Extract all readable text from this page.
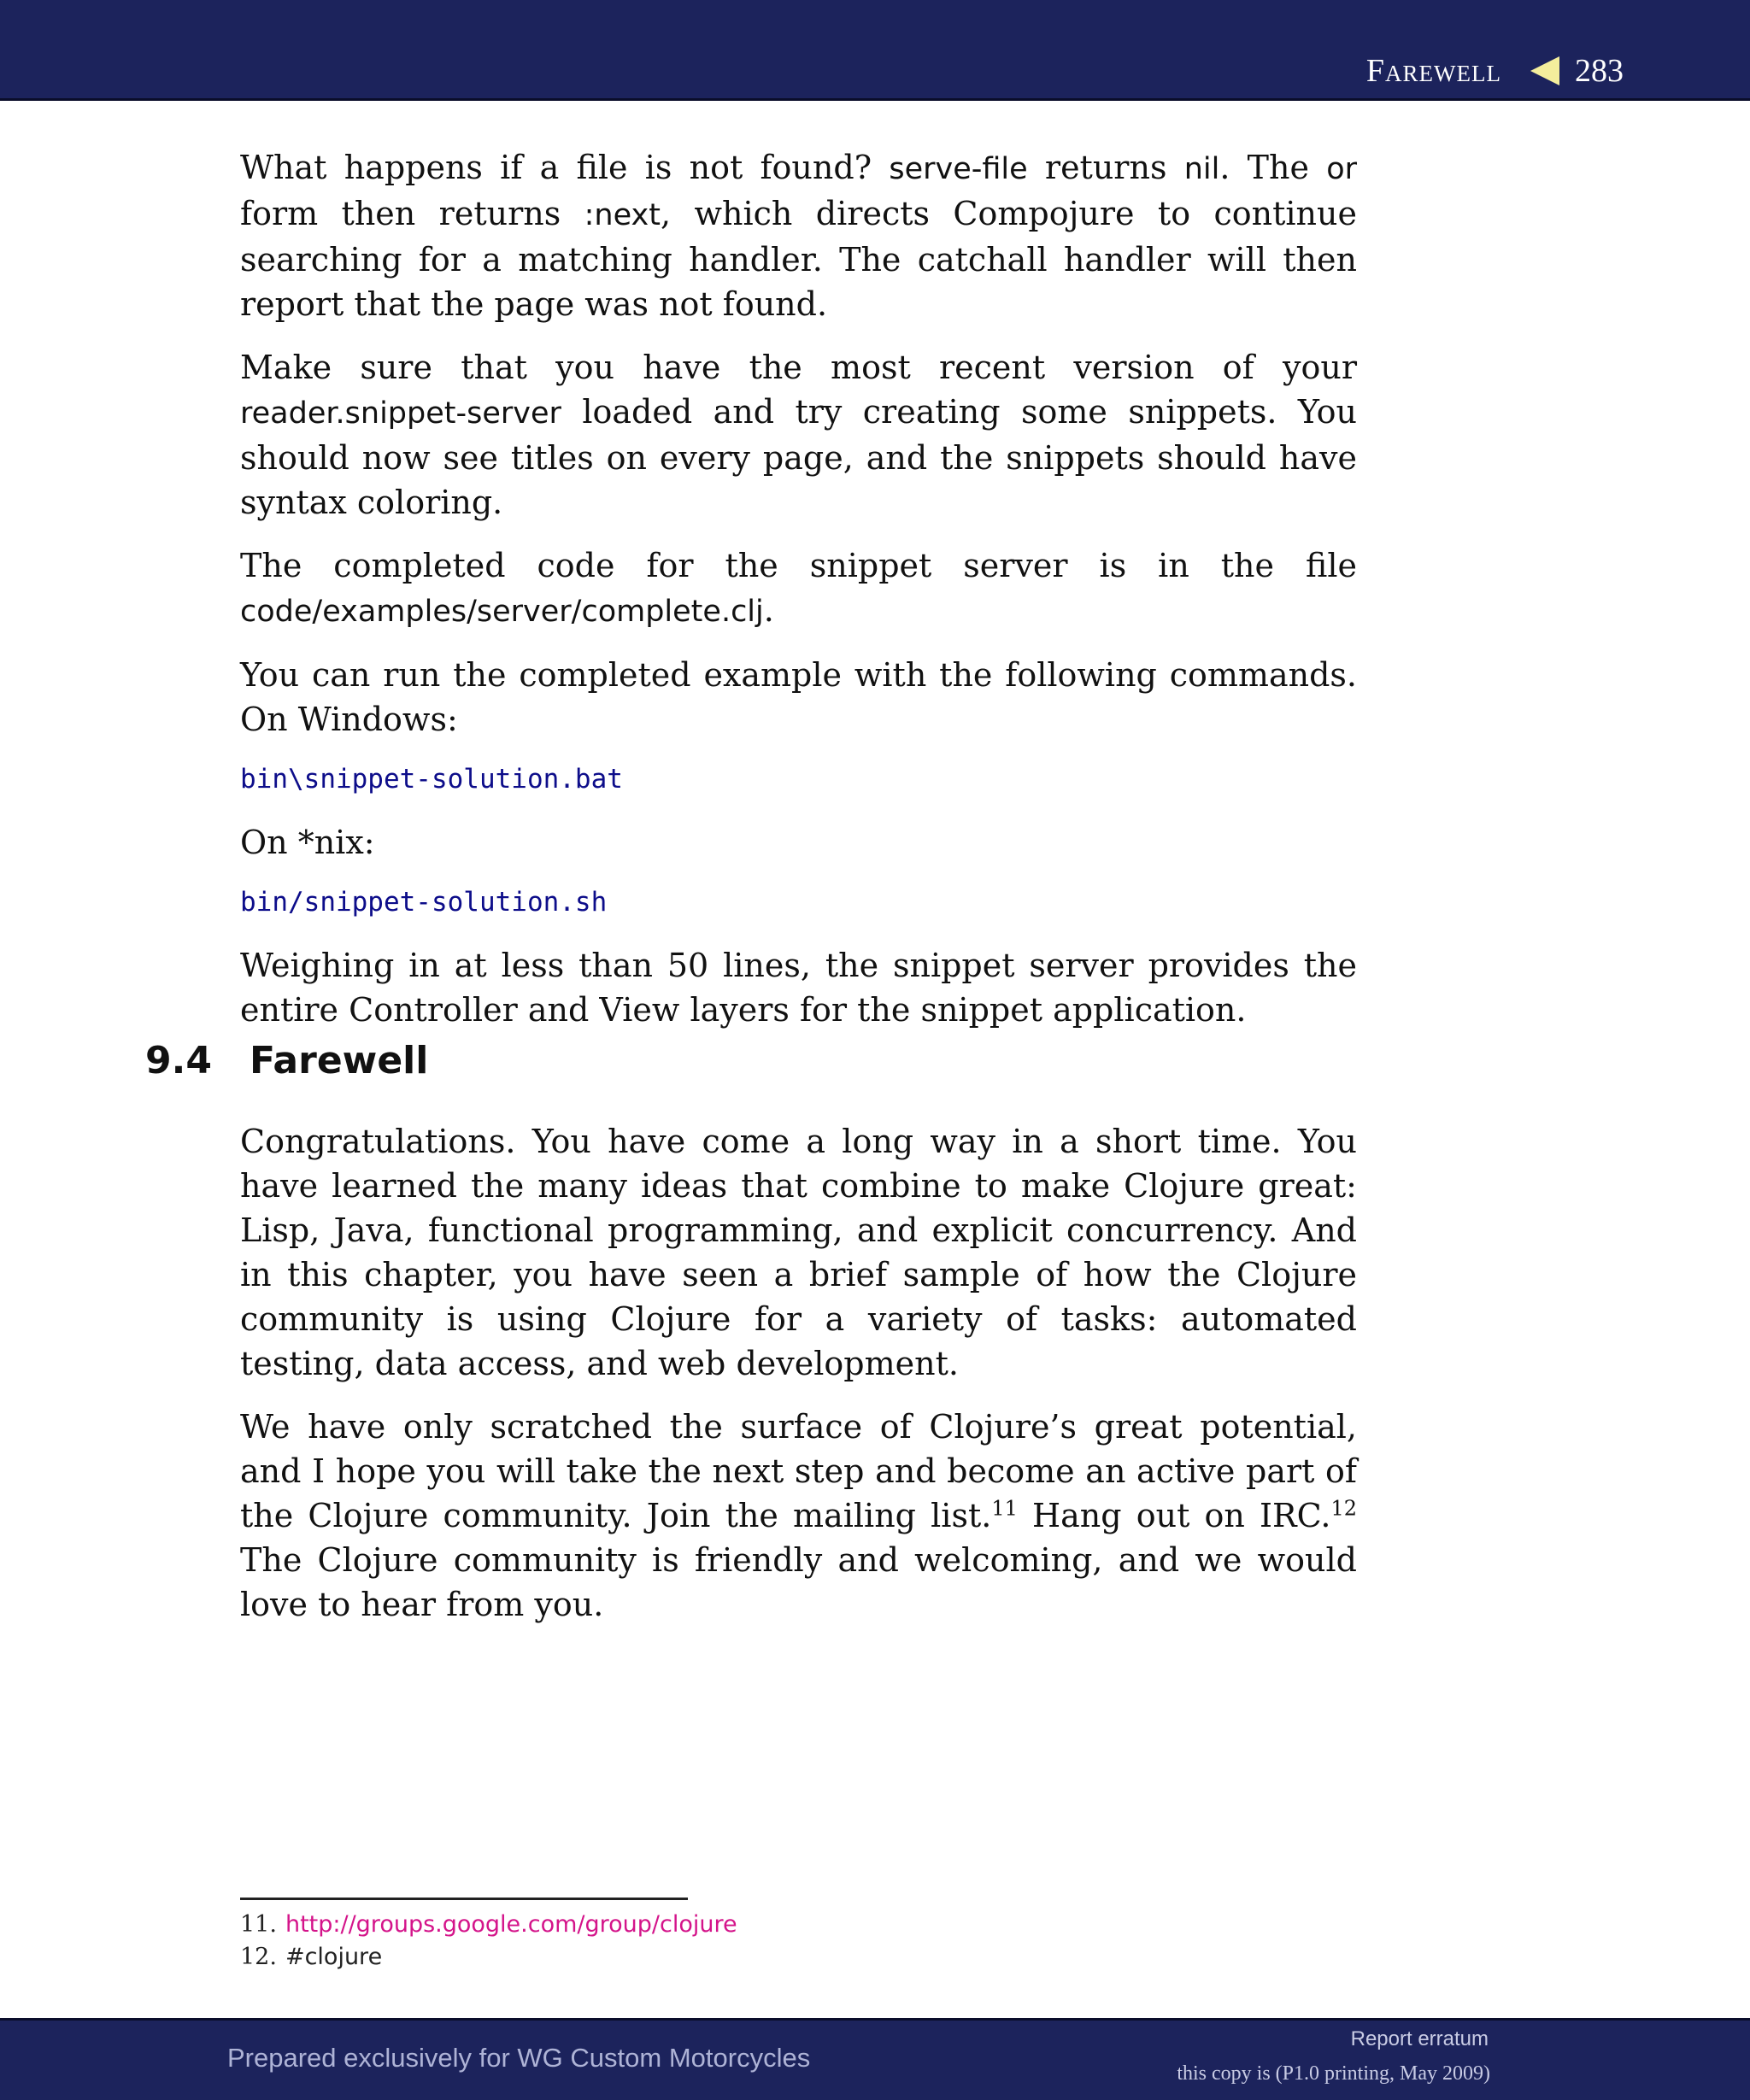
Farewell 283

What happens if a file is not found? serve-file returns nil. The or form then returns :next, which directs Compojure to continue searching for a matching handler. The catchall handler will then report that the page was not found.

Make sure that you have the most recent version of your reader.snippet-server loaded and try creating some snippets. You should now see titles on every page, and the snippets should have syntax coloring.

The completed code for the snippet server is in the file code/examples/server/complete.clj.

You can run the completed example with the following commands. On Windows:

bin\snippet-solution.bat

On *nix:

bin/snippet-solution.sh

Weighing in at less than 50 lines, the snippet server provides the entire Controller and View layers for the snippet application.

9.4 Farewell

Congratulations. You have come a long way in a short time. You have learned the many ideas that combine to make Clojure great: Lisp, Java, functional programming, and explicit concurrency. And in this chapter, you have seen a brief sample of how the Clojure community is using Clojure for a variety of tasks: automated testing, data access, and web development.

We have only scratched the surface of Clojure’s great potential, and I hope you will take the next step and become an active part of the Clojure community. Join the mailing list.$^{11}$ Hang out on IRC.$^{12}$ The Clojure community is friendly and welcoming, and we would love to hear from you.

11. http://groups.google.com/group/clojure
12. #clojure
Prepared exclusively for WG Custom Motorcycles
Report erratum
this copy is (P1.0 printing, May 2009)
